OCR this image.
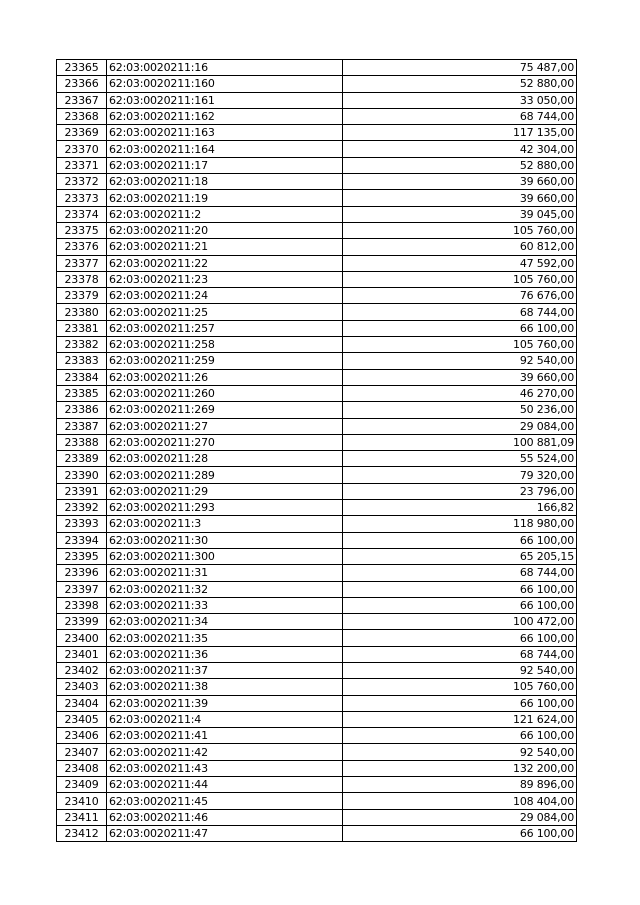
23365	62:03:0020211:16	75 487,00
23366	62:03:0020211:160	52 880,00
23367	62:03:0020211:161	33 050,00
23368	62:03:0020211:162	68 744,00
23369	62:03:0020211:163	117 135,00
23370	62:03:0020211:164	42 304,00
23371	62:03:0020211:17	52 880,00
23372	62:03:0020211:18	39 660,00
23373	62:03:0020211:19	39 660,00
23374	62:03:0020211:2	39 045,00
23375	62:03:0020211:20	105 760,00
23376	62:03:0020211:21	60 812,00
23377	62:03:0020211:22	47 592,00
23378	62:03:0020211:23	105 760,00
23379	62:03:0020211:24	76 676,00
23380	62:03:0020211:25	68 744,00
23381	62:03:0020211:257	66 100,00
23382	62:03:0020211:258	105 760,00
23383	62:03:0020211:259	92 540,00
23384	62:03:0020211:26	39 660,00
23385	62:03:0020211:260	46 270,00
23386	62:03:0020211:269	50 236,00
23387	62:03:0020211:27	29 084,00
23388	62:03:0020211:270	100 881,09
23389	62:03:0020211:28	55 524,00
23390	62:03:0020211:289	79 320,00
23391	62:03:0020211:29	23 796,00
23392	62:03:0020211:293	166,82
23393	62:03:0020211:3	118 980,00
23394	62:03:0020211:30	66 100,00
23395	62:03:0020211:300	65 205,15
23396	62:03:0020211:31	68 744,00
23397	62:03:0020211:32	66 100,00
23398	62:03:0020211:33	66 100,00
23399	62:03:0020211:34	100 472,00
23400	62:03:0020211:35	66 100,00
23401	62:03:0020211:36	68 744,00
23402	62:03:0020211:37	92 540,00
23403	62:03:0020211:38	105 760,00
23404	62:03:0020211:39	66 100,00
23405	62:03:0020211:4	121 624,00
23406	62:03:0020211:41	66 100,00
23407	62:03:0020211:42	92 540,00
23408	62:03:0020211:43	132 200,00
23409	62:03:0020211:44	89 896,00
23410	62:03:0020211:45	108 404,00
23411	62:03:0020211:46	29 084,00
23412	62:03:0020211:47	66 100,00
